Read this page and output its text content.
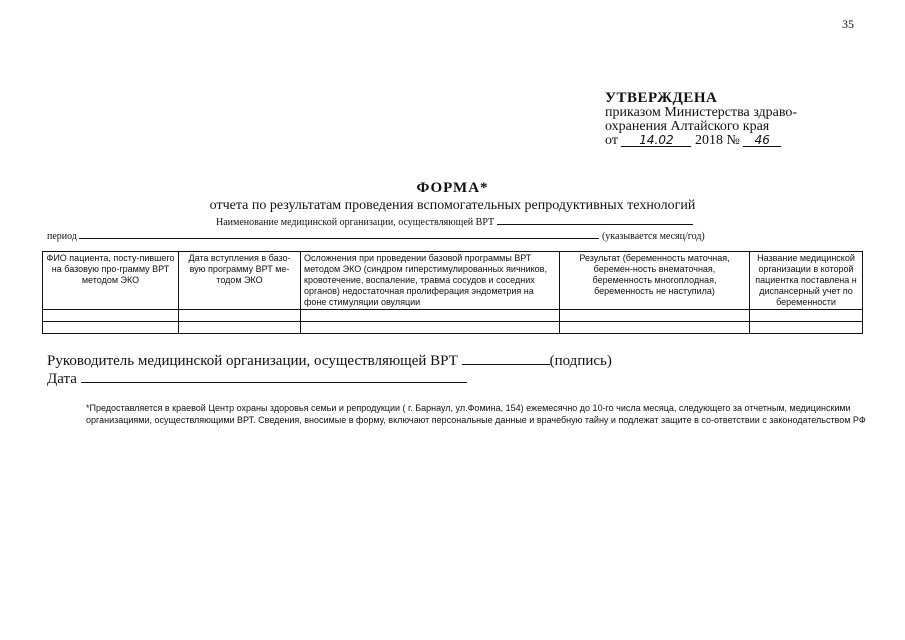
35
УТВЕРЖДЕНА
приказом Министерства здраво-
охранения Алтайского края
от 14.02 2018 № 46
ФОРМА*
отчета по результатам проведения вспомогательных репродуктивных технологий
Наименование медицинской организации, осуществляющей ВРТ
период	(указывается месяц/год)
ФИО пациента, посту-пившего на базовую про-грамму ВРТ методом ЭКО	Дата вступления в базо-вую программу ВРТ ме-тодом ЭКО	Осложнения при проведении базовой программы ВРТ методом ЭКО (синдром гиперстимулированных яичников, кровотечение, воспаление, травма сосудов и соседних органов) недостаточная пролиферация эндометрия на фоне стимуляции овуляции	Результат (беременность маточная, беремен-ность внематочная, беременность многоплодная, беременность не наступила)	Название медицинской организации в которой пациентка поставлена н диспансерный учет по беременности

Руководитель медицинской организации, осуществляющей ВРТ	(подпись)
Дата
*Предоставляется в краевой Центр охраны здоровья семьи и репродукции ( г. Барнаул, ул.Фомина, 154) ежемесячно до 10-го числа месяца, следующего за отчетным, медицинскими организациями, осуществляющими ВРТ. Сведения, вносимые в форму, включают персональные данные и врачебную тайну и подлежат защите в со-ответствии с законодательством РФ
